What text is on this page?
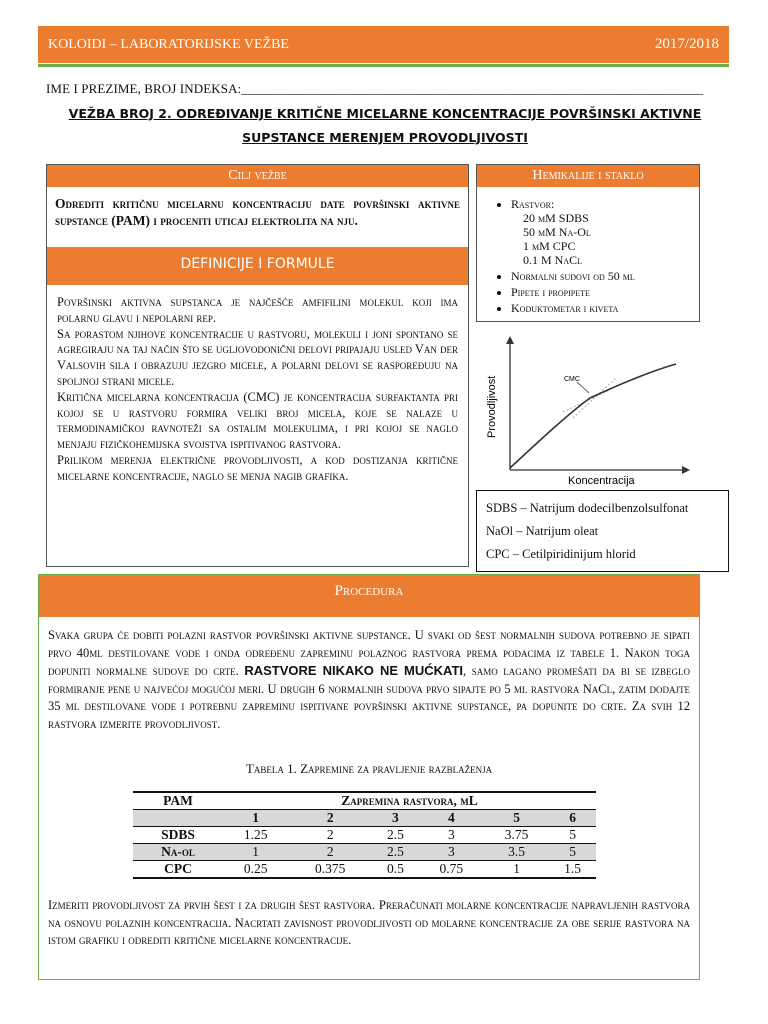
KOLOIDI – LABORATORIJSKE VEŽBE	2017/2018
IME I PREZIME, BROJ INDEKSA:______________________________________________________________________
VEŽBA BROJ 2. ODREĐIVANJE KRITIČNE MICELARNE KONCENTRACIJE POVRŠINSKI AKTIVNE
SUPSTANCE MERENJEM PROVODLJIVOSTI
Cilj vežbe
Odrediti kritičnu micelarnu koncentraciju date površinski aktivne supstance (PAM) i proceniti uticaj elektrolita na nju.
DEFINICIJE I FORMULE
Površinski aktivna supstanca je najčešće amfifilini molekul koji ima polarnu glavu i nepolarni rep.
Sa porastom njihove koncentracije u rastvoru, molekuli i joni spontano se agregiraju na taj način što se ugljovodonični delovi pripajaju usled Van der Valsovih sila i obrazuju jezgro micele, a polarni delovi se raspoređuju na spoljnoj strani micele.
Kritična micelarna koncentracija (CMC) je koncentracija surfaktanta pri kojoj se u rastvoru formira veliki broj micela, koje se nalaze u termodinamičkoj ravnoteži sa ostalim molekulima, i pri kojoj se naglo menjaju fizičkohemijska svojstva ispitivanog rastvora.
Prilikom merenja električne provodljivosti, a kod dostizanja kritične micelarne koncentracije, naglo se menja nagib grafika.
Hemikalije i staklo
• Rastvor:
20 mM SDBS
50 mM Na-Ol
1 mM CPC
0.1 M NaCl
• Normalni sudovi od 50 ml
• Pipete i propipete
• Koduktometar i kiveta
CMC
Provodljivost
Koncentracija
SDBS – Natrijum dodecilbenzolsulfonat
NaOl – Natrijum oleat
CPC – Cetilpiridinijum hlorid
Procedura
Svaka grupa će dobiti polazni rastvor površinski aktivne supstance. U svaki od šest normalnih sudova potrebno je sipati prvo 40ml destilovane vode i onda određenu zapreminu polaznog rastvora prema podacima iz tabele 1. Nakon toga dopuniti normalne sudove do crte. RASTVORE NIKAKO NE MUĆKATI, samo lagano promešati da bi se izbeglo formiranje pene u najvećoj mogućoj meri. U drugih 6 normalnih sudova prvo sipajte po 5 ml rastvora NaCl, zatim dodajte 35 ml destilovane vode i potrebnu zapreminu ispitivane površinski aktivne supstance, pa dopunite do crte. Za svih 12 rastvora izmerite provodljivost.
Tabela 1. Zapremine za pravljenje razblaženja
Izmeriti provodljivost za prvih šest i za drugih šest rastvora. Preračunati molarne koncentracije napravljenih rastvora na osnovu polaznih koncentracija. Nacrtati zavisnost provodljivosti od molarne koncentracije za obe serije rastvora na istom grafiku i odrediti kritične micelarne koncentracije.
PAM	Zapremina rastvora, mL					
	1	2	3	4	5	6
SDBS	1.25	2	2.5	3	3.75	5
Na-ol	1	2	2.5	3	3.5	5
CPC	0.25	0.375	0.5	0.75	1	1.5
